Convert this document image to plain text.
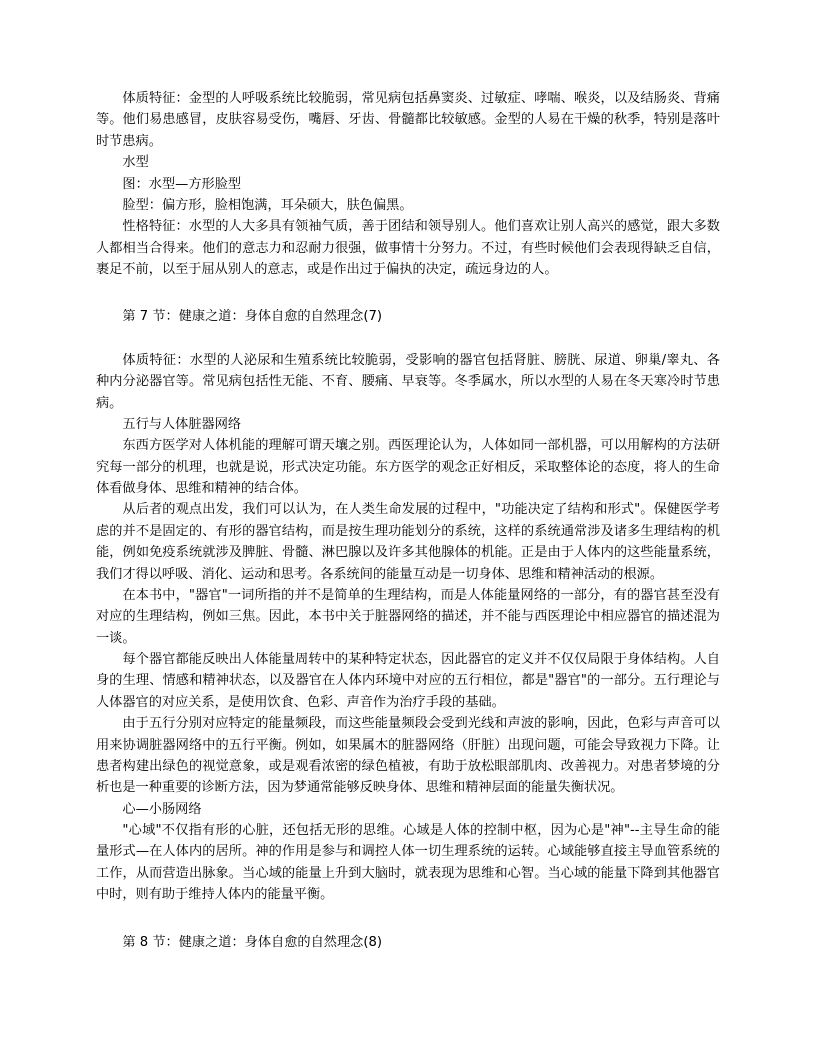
体质特征：金型的人呼吸系统比较脆弱，常见病包括鼻窦炎、过敏症、哮喘、喉炎，以及结肠炎、背痛等。他们易患感冒，皮肤容易受伤，嘴唇、牙齿、骨髓都比较敏感。金型的人易在干燥的秋季，特别是落叶时节患病。

水型

图：水型—方形脸型

脸型：偏方形，脸相饱满，耳朵硕大，肤色偏黑。

性格特征：水型的人大多具有领袖气质，善于团结和领导别人。他们喜欢让别人高兴的感觉，跟大多数人都相当合得来。他们的意志力和忍耐力很强，做事情十分努力。不过，有些时候他们会表现得缺乏自信，裹足不前，以至于屈从别人的意志，或是作出过于偏执的决定，疏远身边的人。

第 7 节：健康之道：身体自愈的自然理念(7)

体质特征：水型的人泌尿和生殖系统比较脆弱，受影响的器官包括肾脏、膀胱、尿道、卵巢/睾丸、各种内分泌器官等。常见病包括性无能、不育、腰痛、早衰等。冬季属水，所以水型的人易在冬天寒冷时节患病。

五行与人体脏器网络

东西方医学对人体机能的理解可谓天壤之别。西医理论认为，人体如同一部机器，可以用解构的方法研究每一部分的机理，也就是说，形式决定功能。东方医学的观念正好相反，采取整体论的态度，将人的生命体看做身体、思维和精神的结合体。

从后者的观点出发，我们可以认为，在人类生命发展的过程中，"功能决定了结构和形式"。保健医学考虑的并不是固定的、有形的器官结构，而是按生理功能划分的系统，这样的系统通常涉及诸多生理结构的机能，例如免疫系统就涉及脾脏、骨髓、淋巴腺以及许多其他腺体的机能。正是由于人体内的这些能量系统，我们才得以呼吸、消化、运动和思考。各系统间的能量互动是一切身体、思维和精神活动的根源。

在本书中，"器官"一词所指的并不是简单的生理结构，而是人体能量网络的一部分，有的器官甚至没有对应的生理结构，例如三焦。因此，本书中关于脏器网络的描述，并不能与西医理论中相应器官的描述混为一谈。

每个器官都能反映出人体能量周转中的某种特定状态，因此器官的定义并不仅仅局限于身体结构。人自身的生理、情感和精神状态，以及器官在人体内环境中对应的五行相位，都是"器官"的一部分。五行理论与人体器官的对应关系，是使用饮食、色彩、声音作为治疗手段的基础。

由于五行分别对应特定的能量频段，而这些能量频段会受到光线和声波的影响，因此，色彩与声音可以用来协调脏器网络中的五行平衡。例如，如果属木的脏器网络（肝脏）出现问题，可能会导致视力下降。让患者构建出绿色的视觉意象，或是观看浓密的绿色植被，有助于放松眼部肌肉、改善视力。对患者梦境的分析也是一种重要的诊断方法，因为梦通常能够反映身体、思维和精神层面的能量失衡状况。

心—小肠网络

"心域"不仅指有形的心脏，还包括无形的思维。心域是人体的控制中枢，因为心是"神"--主导生命的能量形式—在人体内的居所。神的作用是参与和调控人体一切生理系统的运转。心域能够直接主导血管系统的工作，从而营造出脉象。当心域的能量上升到大脑时，就表现为思维和心智。当心域的能量下降到其他器官中时，则有助于维持人体内的能量平衡。

第 8 节：健康之道：身体自愈的自然理念(8)
